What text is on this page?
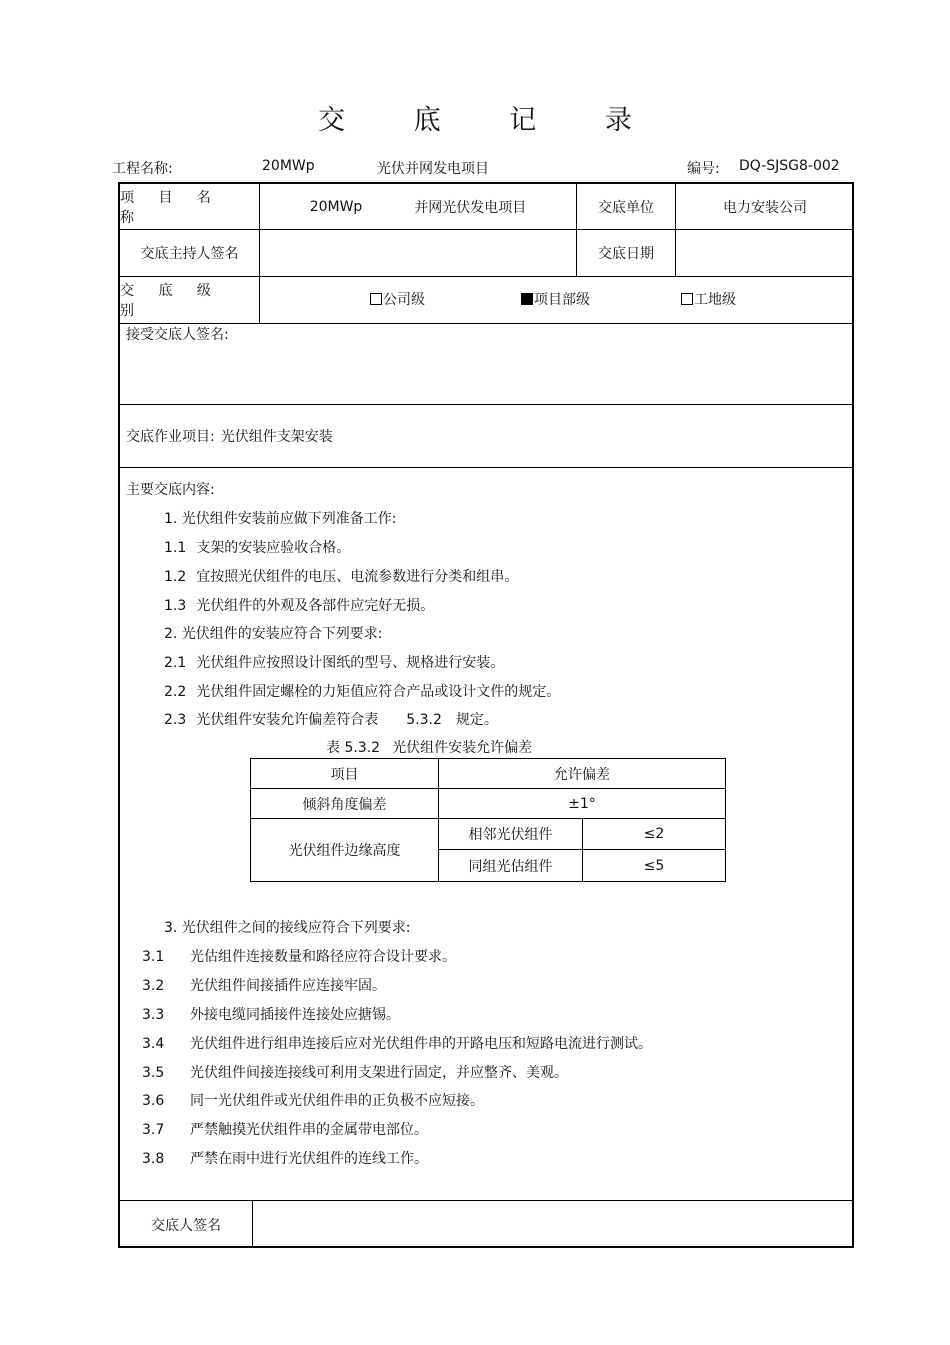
交 底 记 录
工程名称:	20MWp	光伏并网发电项目	编号: DQ-SJSG8-002
项 目 名 称
20MWp	并网光伏发电项目	交底单位	电力安装公司
交底主持人签名	交底日期
交 底 级 别
公司级	项目部级	工地级
接受交底人签名:
交底作业项目: 光伏组件支架安装
主要交底内容:
1. 光伏组件安装前应做下列准备工作:
1.1 支架的安装应验收合格。
1.2 宜按照光伏组件的电压、电流参数进行分类和组串。
1.3 光伏组件的外观及各部件应完好无损。
2. 光伏组件的安装应符合下列要求:
2.1 光伏组件应按照设计图纸的型号、规格进行安装。
2.2 光伏组件固定螺栓的力矩值应符合产品或设计文件的规定。
2.3 光伏组件安装允许偏差符合表 5.3.2 规定。
表 5.3.2 光伏组件安装允许偏差
项目	允许偏差
倾斜角度偏差	±1°
光伏组件边缘高度
相邻光伏组件	≤2
同组光估组件	≤5
3. 光伏组件之间的接线应符合下列要求:
3.1 光估组件连接数量和路径应符合设计要求。
3.2 光伏组件间接插件应连接牢固。
3.3 外接电缆同插接件连接处应搪锡。
3.4 光伏组件进行组串连接后应对光伏组件串的开路电压和短路电流进行测试。
3.5 光伏组件间接连接线可利用支架进行固定，并应整齐、美观。
3.6 同一光伏组件或光伏组件串的正负极不应短接。
3.7 严禁触摸光伏组件串的金属带电部位。
3.8 严禁在雨中进行光伏组件的连线工作。
交底人签名
